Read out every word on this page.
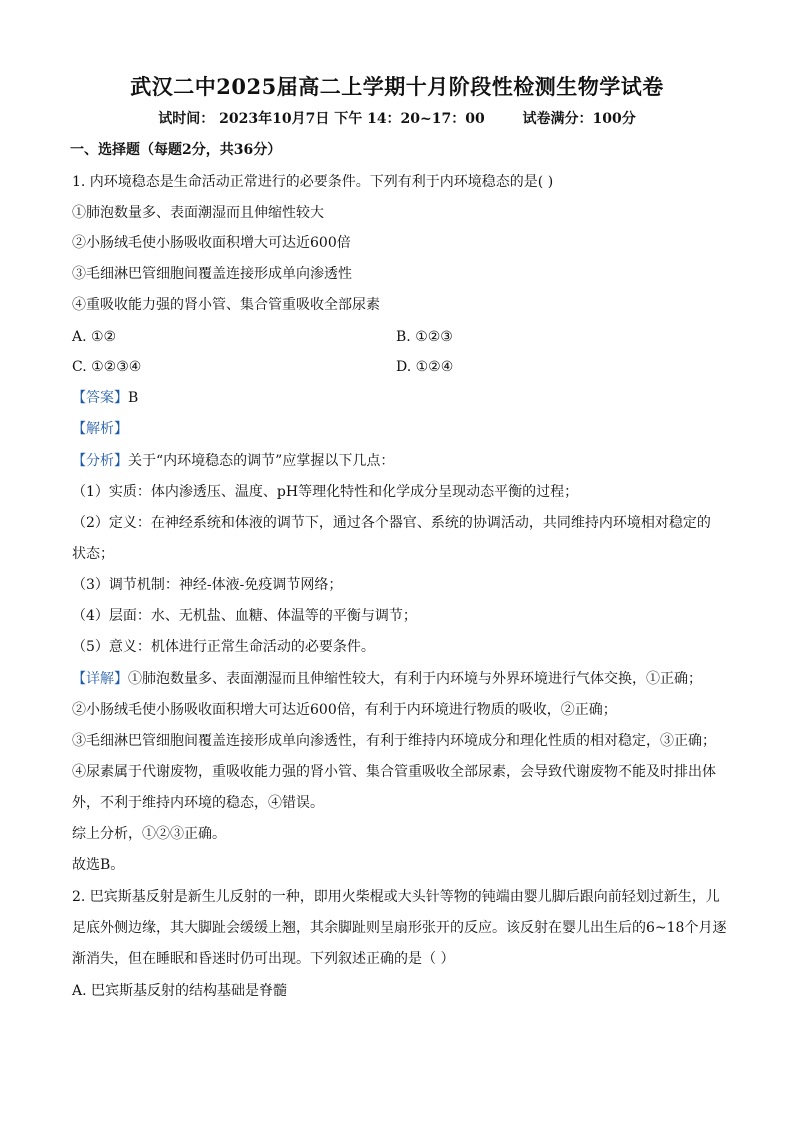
武汉二中2025届高二上学期十月阶段性检测生物学试卷
试时间： 2023年10月7日 下午 14：20~17：00	试卷满分：100分
一、选择题（每题2分，共36分）
1. 内环境稳态是生命活动正常进行的必要条件。下列有利于内环境稳态的是( )
①肺泡数量多、表面潮湿而且伸缩性较大
②小肠绒毛使小肠吸收面积增大可达近600倍
③毛细淋巴管细胞间覆盖连接形成单向渗透性
④重吸收能力强的肾小管、集合管重吸收全部尿素
A. ①②	B. ①②③
C. ①②③④	D. ①②④
【答案】B
【解析】
【分析】关于“内环境稳态的调节”应掌握以下几点：
（1）实质：体内渗透压、温度、pH等理化特性和化学成分呈现动态平衡的过程；
（2）定义：在神经系统和体液的调节下，通过各个器官、系统的协调活动，共同维持内环境相对稳定的
状态；
（3）调节机制：神经-体液-免疫调节网络；
（4）层面：水、无机盐、血糖、体温等的平衡与调节；
（5）意义：机体进行正常生命活动的必要条件。
【详解】①肺泡数量多、表面潮湿而且伸缩性较大，有利于内环境与外界环境进行气体交换，①正确；
②小肠绒毛使小肠吸收面积增大可达近600倍，有利于内环境进行物质的吸收，②正确；
③毛细淋巴管细胞间覆盖连接形成单向渗透性，有利于维持内环境成分和理化性质的相对稳定，③正确；
④尿素属于代谢废物，重吸收能力强的肾小管、集合管重吸收全部尿素，会导致代谢废物不能及时排出体
外，不利于维持内环境的稳态，④错误。
综上分析，①②③正确。
故选B。
2. 巴宾斯基反射是新生儿反射的一种，即用火柴棍或大头针等物的钝端由婴儿脚后跟向前轻划过新生，儿
足底外侧边缘，其大脚趾会缓缓上翘，其余脚趾则呈扇形张开的反应。该反射在婴儿出生后的6~18个月逐
渐消失，但在睡眠和昏迷时仍可出现。下列叙述正确的是（ ）
A. 巴宾斯基反射的结构基础是脊髓
